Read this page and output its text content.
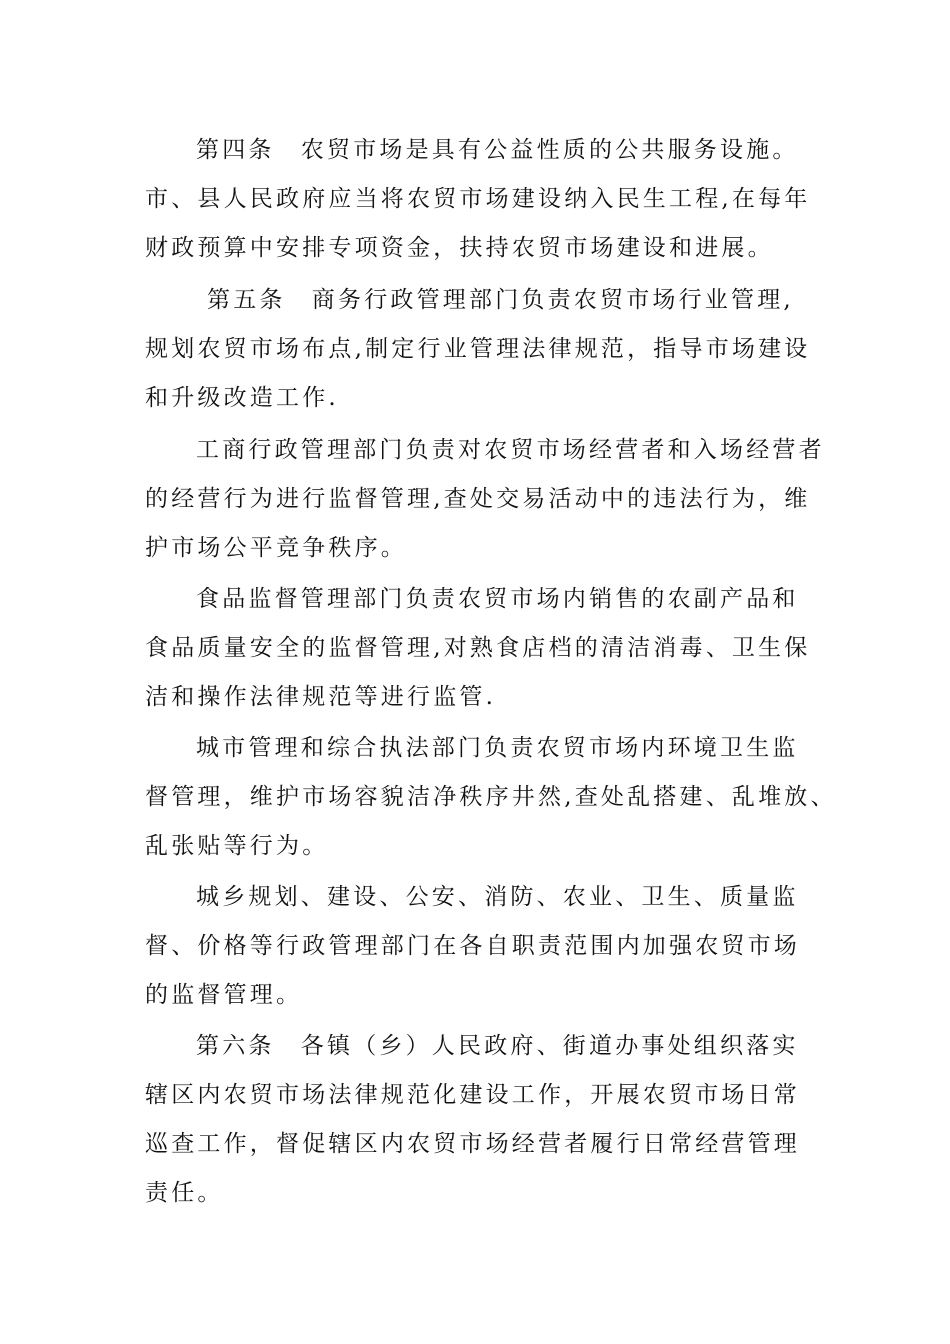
第四条　农贸市场是具有公益性质的公共服务设施。
市、县人民政府应当将农贸市场建设纳入民生工程,在每年
财政预算中安排专项资金，扶持农贸市场建设和进展。
第五条　商务行政管理部门负责农贸市场行业管理,
规划农贸市场布点,制定行业管理法律规范，指导市场建设
和升级改造工作.
工商行政管理部门负责对农贸市场经营者和入场经营者
的经营行为进行监督管理,查处交易活动中的违法行为，维
护市场公平竞争秩序。
食品监督管理部门负责农贸市场内销售的农副产品和
食品质量安全的监督管理,对熟食店档的清洁消毒、卫生保
洁和操作法律规范等进行监管.
城市管理和综合执法部门负责农贸市场内环境卫生监
督管理，维护市场容貌洁净秩序井然,查处乱搭建、乱堆放、
乱张贴等行为。
城乡规划、建设、公安、消防、农业、卫生、质量监
督、价格等行政管理部门在各自职责范围内加强农贸市场
的监督管理。
第六条　各镇（乡）人民政府、街道办事处组织落实
辖区内农贸市场法律规范化建设工作，开展农贸市场日常
巡查工作，督促辖区内农贸市场经营者履行日常经营管理
责任。
